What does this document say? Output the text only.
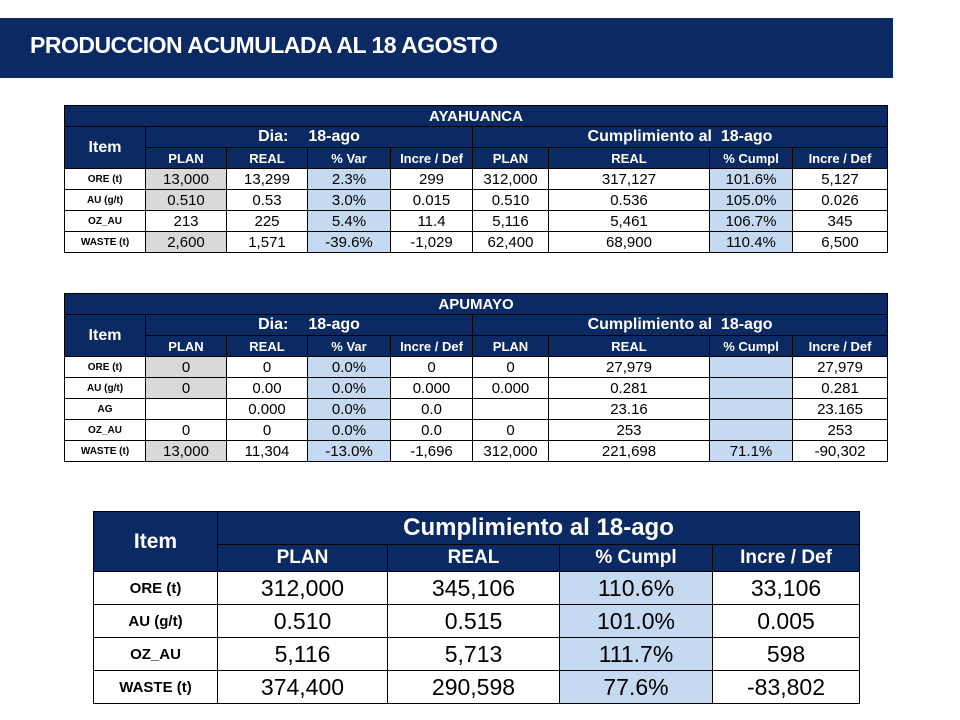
PRODUCCION ACUMULADA AL 18 AGOSTO
AYAHUANCA								
Item	Dia: 18-ago				Cumplimiento al 18-ago			
	PLAN	REAL	% Var	Incre / Def	PLAN	REAL	% Cumpl	Incre / Def
ORE (t)	13,000	13,299	2.3%	299	312,000	317,127	101.6%	5,127
AU (g/t)	0.510	0.53	3.0%	0.015	0.510	0.536	105.0%	0.026
OZ_AU	213	225	5.4%	11.4	5,116	5,461	106.7%	345
WASTE (t)	2,600	1,571	-39.6%	-1,029	62,400	68,900	110.4%	6,500
APUMAYO								
Item	Dia: 18-ago				Cumplimiento al 18-ago			
	PLAN	REAL	% Var	Incre / Def	PLAN	REAL	% Cumpl	Incre / Def
ORE (t)	0	0	0.0%	0	0	27,979		27,979
AU (g/t)	0	0.00	0.0%	0.000	0.000	0.281		0.281
AG		0.000	0.0%	0.0		23.16		23.165
OZ_AU	0	0	0.0%	0.0	0	253		253
WASTE (t)	13,000	11,304	-13.0%	-1,696	312,000	221,698	71.1%	-90,302
Item	Cumplimiento al 18-ago			
	PLAN	REAL	% Cumpl	Incre / Def
ORE (t)	312,000	345,106	110.6%	33,106
AU (g/t)	0.510	0.515	101.0%	0.005
OZ_AU	5,116	5,713	111.7%	598
WASTE (t)	374,400	290,598	77.6%	-83,802
